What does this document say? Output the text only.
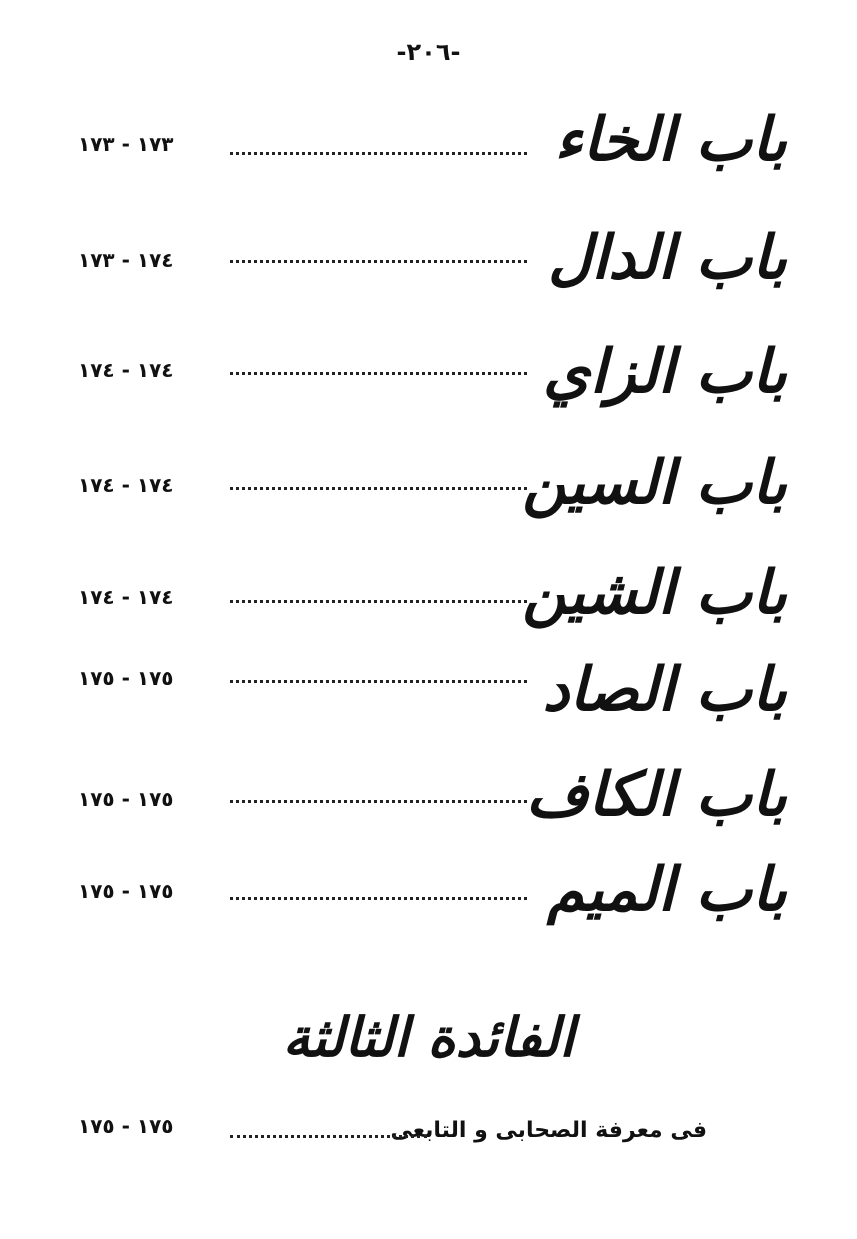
-٢٠٦-
باب الخاء
١٧٣ - ١٧٣
باب الدال
١٧٤ - ١٧٣
باب الزاي
١٧٤ - ١٧٤
باب السين
١٧٤ - ١٧٤
باب الشين
١٧٤ - ١٧٤
باب الصاد
١٧٥ - ١٧٥
باب الكاف
١٧٥ - ١٧٥
باب الميم
١٧٥ - ١٧٥
الفائدة الثالثة
فى معرفة الصحابى و التابعى
١٧٥ - ١٧٥
